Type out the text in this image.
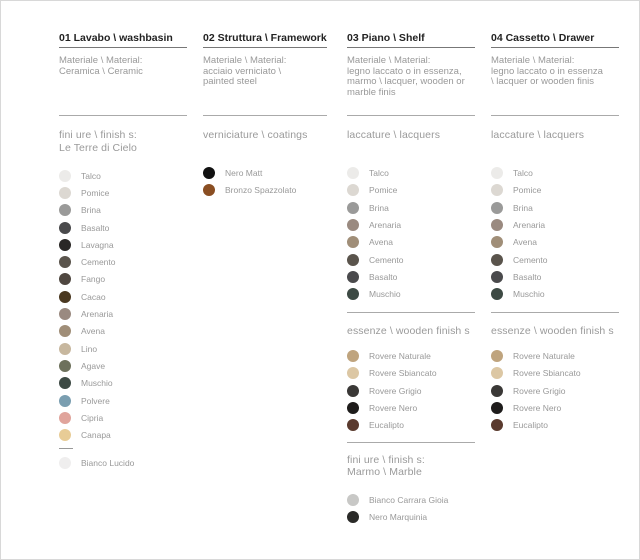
01 Lavabo \ washbasin
Materiale \ Material:
Ceramica \ Ceramic
fini ure \ finish s:
Le Terre di Cielo
Talco
Pomice
Brina
Basalto
Lavagna
Cemento
Fango
Cacao
Arenaria
Avena
Lino
Agave
Muschio
Polvere
Cipria
Canapa
Bianco Lucido
02 Struttura \ Framework
Materiale \ Material:
acciaio verniciato \
painted steel
verniciature \ coatings
Nero Matt
Bronzo Spazzolato
03 Piano \ Shelf
Materiale \ Material:
legno laccato o in essenza,
marmo \ lacquer, wooden or
marble finis
laccature \ lacquers
Talco
Pomice
Brina
Arenaria
Avena
Cemento
Basalto
Muschio
essenze \ wooden finish s
Rovere Naturale
Rovere Sbiancato
Rovere Grigio
Rovere Nero
Eucalipto
fini ure \ finish s:
Marmo \ Marble
Bianco Carrara Gioia
Nero Marquinia
04 Cassetto \ Drawer
Materiale \ Material:
legno laccato o in essenza
\ lacquer or wooden finis
laccature \ lacquers
Talco
Pomice
Brina
Arenaria
Avena
Cemento
Basalto
Muschio
essenze \ wooden finish s
Rovere Naturale
Rovere Sbiancato
Rovere Grigio
Rovere Nero
Eucalipto
